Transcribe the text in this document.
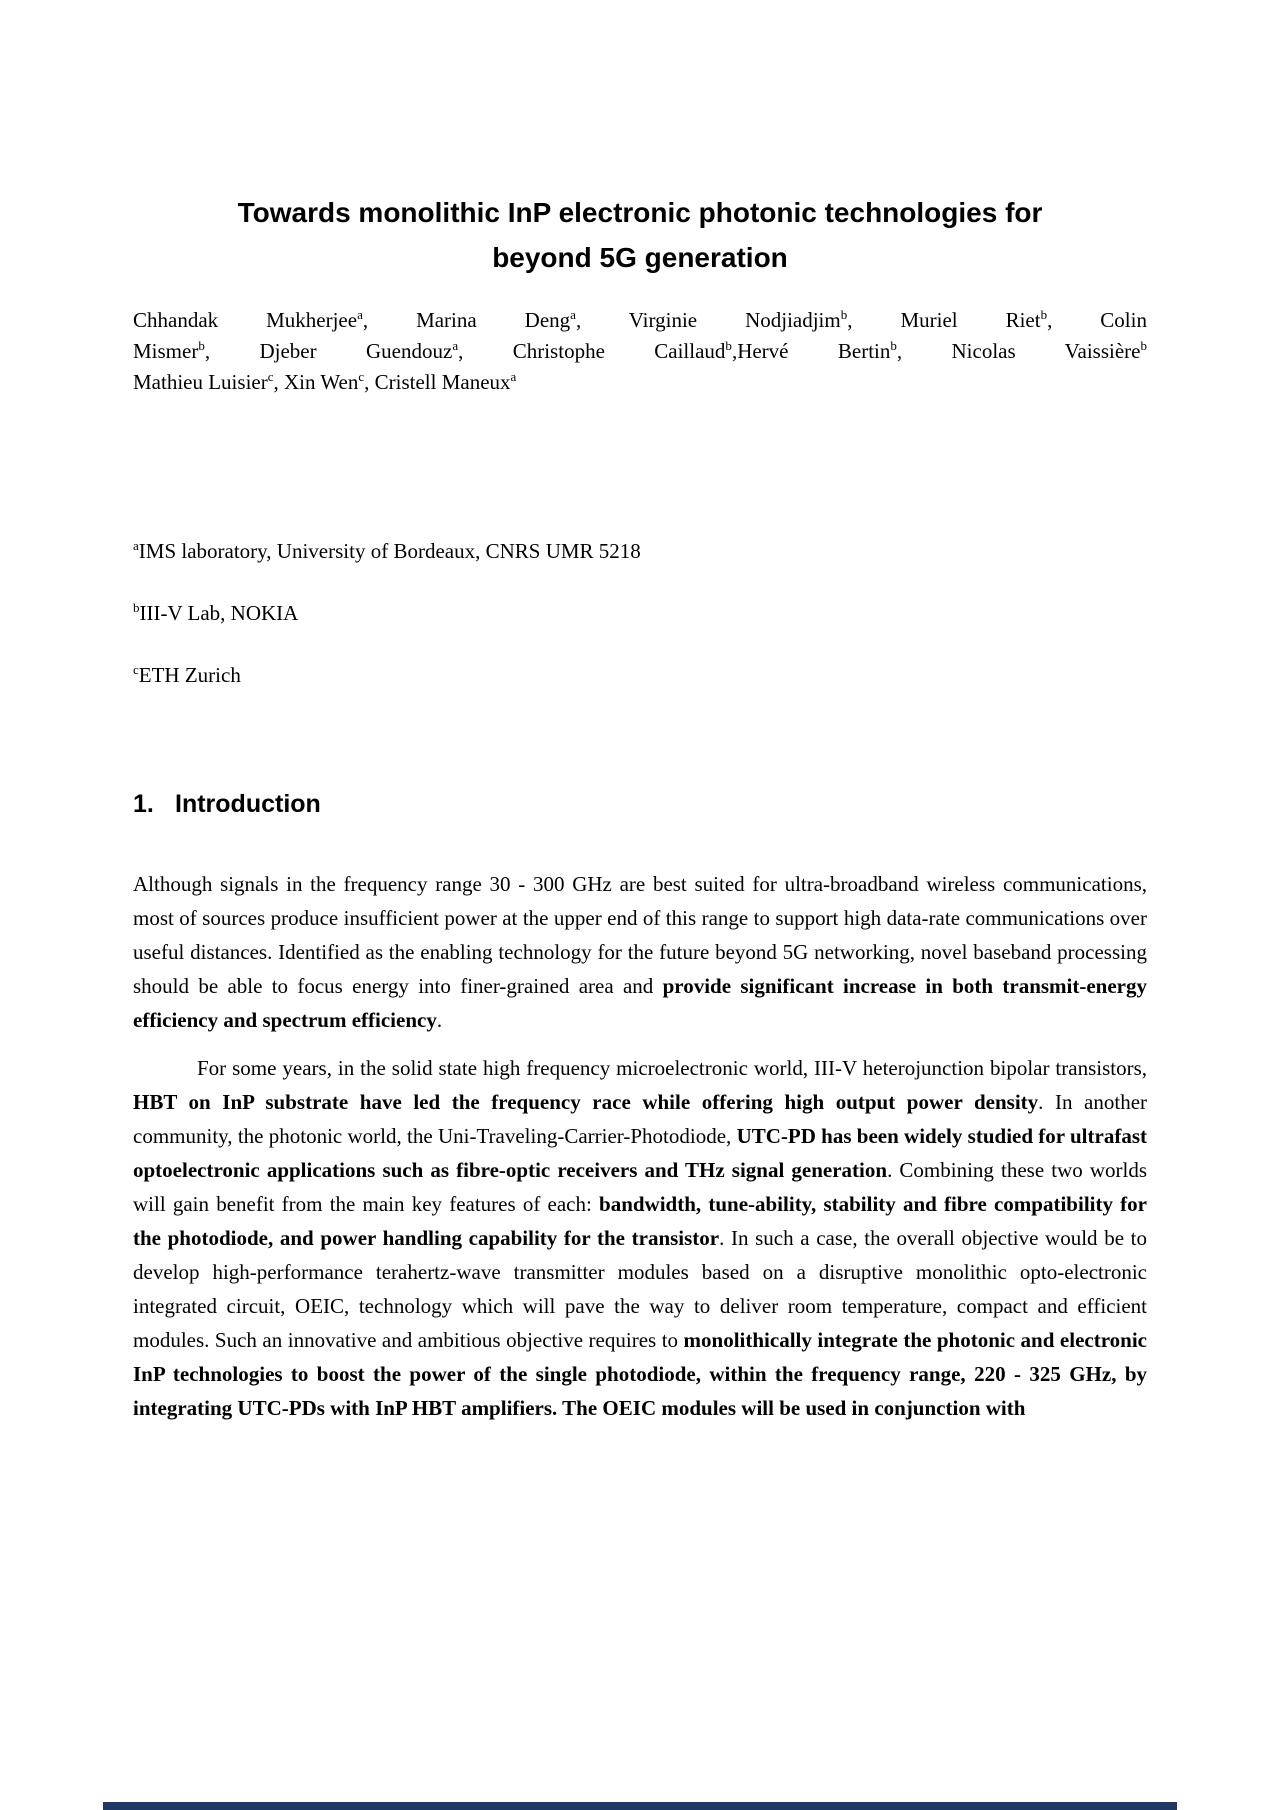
Towards monolithic InP electronic photonic technologies for
beyond 5G generation
Chhandak Mukherjee$^a$, Marina Deng$^a$, Virginie Nodjiadjim$^b$, Muriel Riet$^b$, Colin
Mismer$^b$, Djeber Guendouz$^a$, Christophe Caillaud$^b$,Hervé Bertin$^b$, Nicolas Vaissière$^b$
Mathieu Luisier$^c$, Xin Wen$^c$, Cristell Maneux$^a$

$^a$IMS laboratory, University of Bordeaux, CNRS UMR 5218

$^b$III-V Lab, NOKIA

$^c$ETH Zurich

1. Introduction

Although signals in the frequency range 30 - 300 GHz are best suited for ultra-broadband wireless communications, most of sources produce insufficient power at the upper end of this range to support high data-rate communications over useful distances. Identified as the enabling technology for the future beyond 5G networking, novel baseband processing should be able to focus energy into finer-grained area and provide significant increase in both transmit-energy efficiency and spectrum efficiency.

For some years, in the solid state high frequency microelectronic world, III-V heterojunction bipolar transistors, HBT on InP substrate have led the frequency race while offering high output power density. In another community, the photonic world, the Uni-Traveling-Carrier-Photodiode, UTC-PD has been widely studied for ultrafast optoelectronic applications such as fibre-optic receivers and THz signal generation. Combining these two worlds will gain benefit from the main key features of each: bandwidth, tune-ability, stability and fibre compatibility for the photodiode, and power handling capability for the transistor. In such a case, the overall objective would be to develop high-performance terahertz-wave transmitter modules based on a disruptive monolithic opto-electronic integrated circuit, OEIC, technology which will pave the way to deliver room temperature, compact and efficient modules. Such an innovative and ambitious objective requires to monolithically integrate the photonic and electronic InP technologies to boost the power of the single photodiode, within the frequency range, 220 - 325 GHz, by integrating UTC-PDs with InP HBT amplifiers. The OEIC modules will be used in conjunction with
